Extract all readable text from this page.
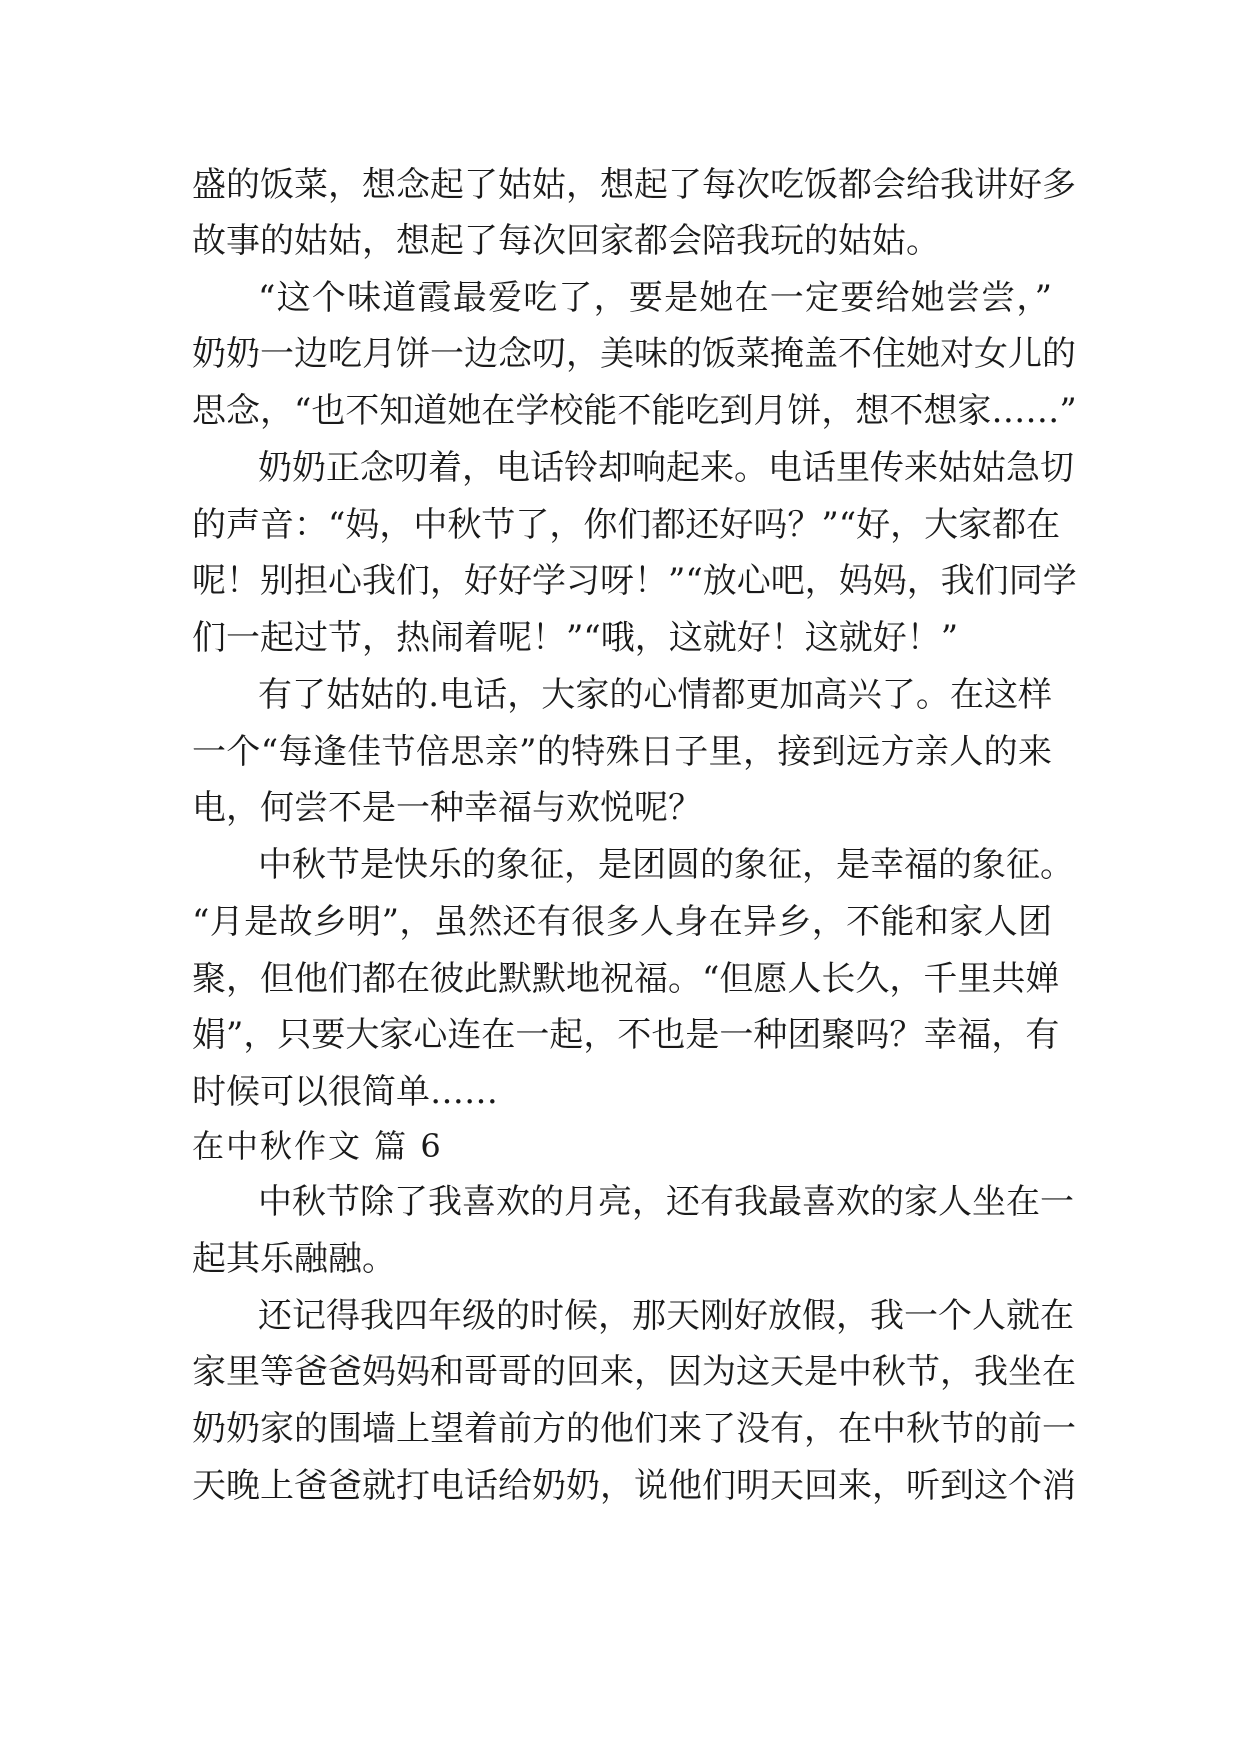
盛的饭菜，想念起了姑姑，想起了每次吃饭都会给我讲好多
故事的姑姑，想起了每次回家都会陪我玩的姑姑。
“这个味道霞最爱吃了，要是她在一定要给她尝尝，”
奶奶一边吃月饼一边念叨，美味的饭菜掩盖不住她对女儿的
思念，“也不知道她在学校能不能吃到月饼，想不想家……”
奶奶正念叨着，电话铃却响起来。电话里传来姑姑急切
的声音：“妈，中秋节了，你们都还好吗？”“好，大家都在
呢！别担心我们，好好学习呀！”“放心吧，妈妈，我们同学
们一起过节，热闹着呢！”“哦，这就好！这就好！”
有了姑姑的.电话，大家的心情都更加高兴了。在这样
一个“每逢佳节倍思亲”的特殊日子里，接到远方亲人的来
电，何尝不是一种幸福与欢悦呢？
中秋节是快乐的象征，是团圆的象征，是幸福的象征。
“月是故乡明”，虽然还有很多人身在异乡，不能和家人团
聚，但他们都在彼此默默地祝福。“但愿人长久，千里共婵
娟”，只要大家心连在一起，不也是一种团聚吗？幸福，有
时候可以很简单……
在中秋作文 篇 6
中秋节除了我喜欢的月亮，还有我最喜欢的家人坐在一
起其乐融融。
还记得我四年级的时候，那天刚好放假，我一个人就在
家里等爸爸妈妈和哥哥的回来，因为这天是中秋节，我坐在
奶奶家的围墙上望着前方的他们来了没有，在中秋节的前一
天晚上爸爸就打电话给奶奶，说他们明天回来，听到这个消
